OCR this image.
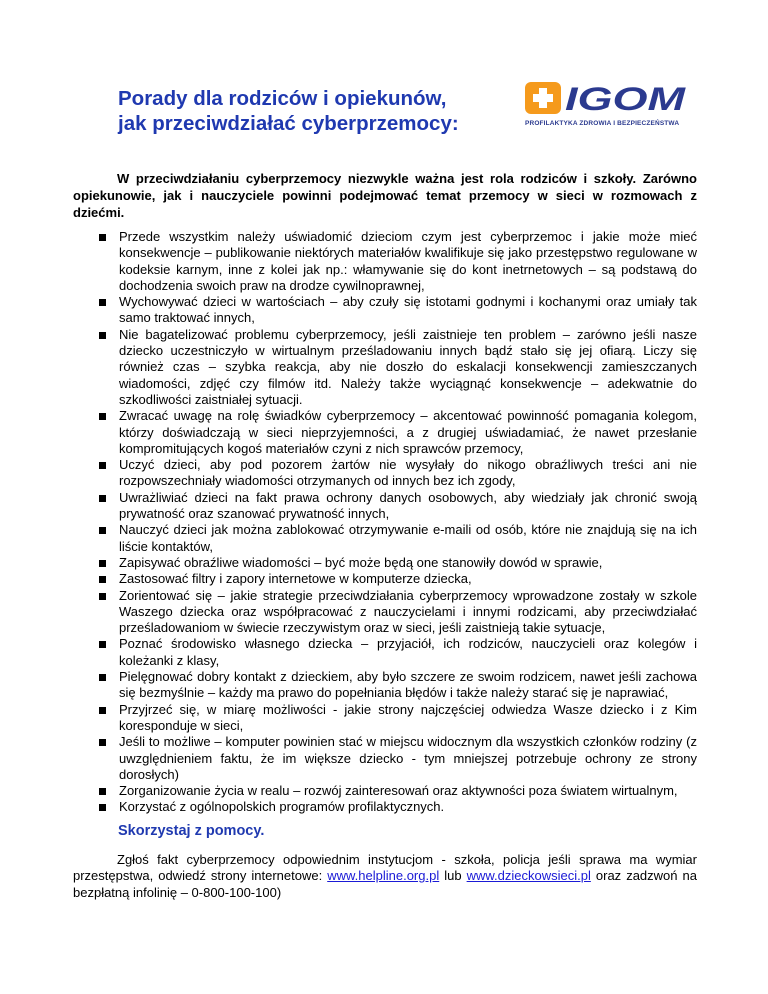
Porady dla rodziców i opiekunów,
jak przeciwdziałać cyberprzemocy:
IGOM
PROFILAKTYKA ZDROWIA I BEZPIECZEŃSTWA

W przeciwdziałaniu cyberprzemocy niezwykle ważna jest rola rodziców i szkoły. Zarówno opiekunowie, jak i nauczyciele powinni podejmować temat przemocy w sieci w rozmowach z dziećmi.

Przede wszystkim należy uświadomić dzieciom czym jest cyberprzemoc i jakie może mieć konsekwencje – publikowanie niektórych materiałów kwalifikuje się jako przestępstwo regulowane w kodeksie karnym, inne z kolei jak np.: włamywanie się do kont inetrnetowych – są podstawą do dochodzenia swoich praw na drodze cywilnoprawnej,
Wychowywać dzieci w wartościach – aby czuły się istotami godnymi i kochanymi oraz umiały tak samo traktować innych,
Nie bagatelizować problemu cyberprzemocy, jeśli zaistnieje ten problem – zarówno jeśli nasze dziecko uczestniczyło w wirtualnym prześladowaniu innych bądź stało się jej ofiarą. Liczy się również czas – szybka reakcja, aby nie doszło do eskalacji konsekwencji zamieszczanych wiadomości, zdjęć czy filmów itd. Należy także wyciągnąć konsekwencje – adekwatnie do szkodliwości zaistniałej sytuacji.
Zwracać uwagę na rolę świadków cyberprzemocy – akcentować powinność pomagania kolegom, którzy doświadczają w sieci nieprzyjemności, a z drugiej uświadamiać, że nawet przesłanie kompromitujących kogoś materiałów czyni z nich sprawców przemocy,
Uczyć dzieci, aby pod pozorem żartów nie wysyłały do nikogo obraźliwych treści ani nie rozpowszechniały wiadomości otrzymanych od innych bez ich zgody,
Uwrażliwiać dzieci na fakt prawa ochrony danych osobowych, aby wiedziały jak chronić swoją prywatność oraz szanować prywatność innych,
Nauczyć dzieci jak można zablokować otrzymywanie e-maili od osób, które nie znajdują się na ich liście kontaktów,
Zapisywać obraźliwe wiadomości – być może będą one stanowiły dowód w sprawie,
Zastosować filtry i zapory internetowe w komputerze dziecka,
Zorientować się – jakie strategie przeciwdziałania cyberprzemocy wprowadzone zostały w szkole Waszego dziecka oraz współpracować z nauczycielami i innymi rodzicami, aby przeciwdziałać prześladowaniom w świecie rzeczywistym oraz w sieci, jeśli zaistnieją takie sytuacje,
Poznać środowisko własnego dziecka – przyjaciół, ich rodziców, nauczycieli oraz kolegów i koleżanki z klasy,
Pielęgnować dobry kontakt z dzieckiem, aby było szczere ze swoim rodzicem, nawet jeśli zachowa się bezmyślnie – każdy ma prawo do popełniania błędów i także należy starać się je naprawiać,
Przyjrzeć się, w miarę możliwości - jakie strony najczęściej odwiedza Wasze dziecko i z Kim koresponduje w sieci,
Jeśli to możliwe – komputer powinien stać w miejscu widocznym dla wszystkich członków rodziny (z uwzględnieniem faktu, że im większe dziecko - tym mniejszej potrzebuje ochrony ze strony dorosłych)
Zorganizowanie życia w realu – rozwój zainteresowań oraz aktywności poza światem wirtualnym,
Korzystać z ogólnopolskich programów profilaktycznych.
Skorzystaj z pomocy.

Zgłoś fakt cyberprzemocy odpowiednim instytucjom - szkoła, policja jeśli sprawa ma wymiar przestępstwa, odwiedź strony internetowe: www.helpline.org.pl lub www.dzieckowsieci.pl oraz zadzwoń na bezpłatną infolinię – 0-800-100-100)
